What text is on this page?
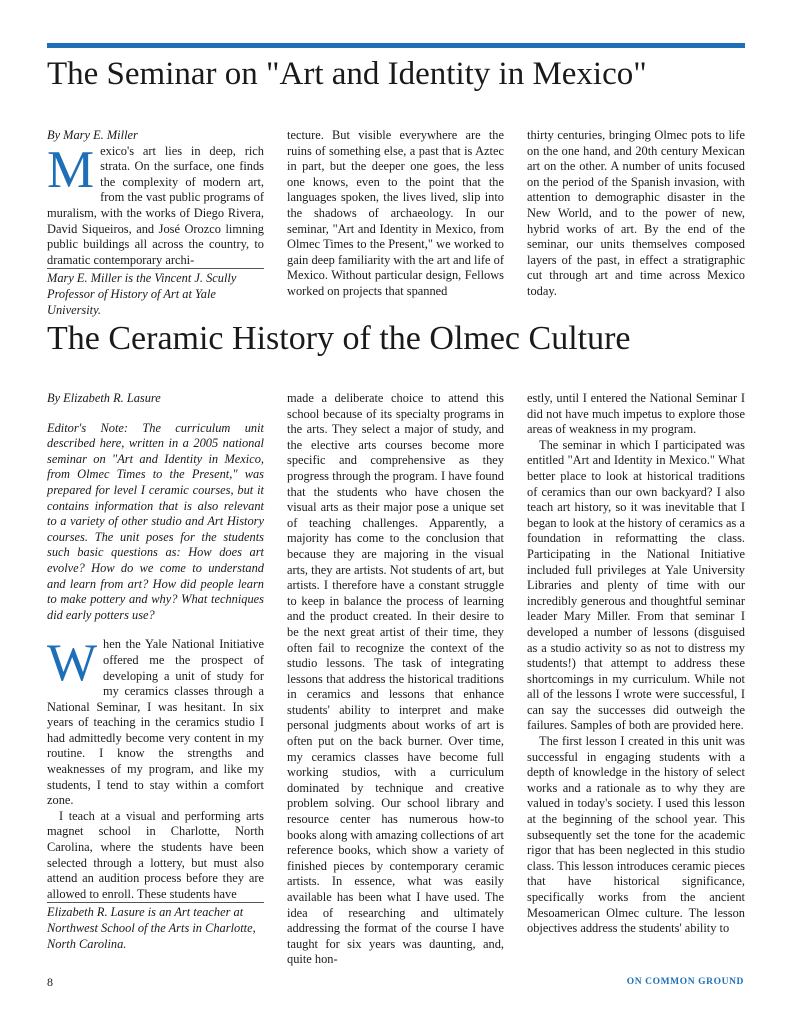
The Seminar on "Art and Identity in Mexico"

By Mary E. Miller

Mexico's art lies in deep, rich strata. On the surface, one finds the complexity of modern art, from the vast public programs of muralism, with the works of Diego Rivera, David Siqueiros, and José Orozco limning public buildings all across the country, to dramatic contemporary archi-

Mary E. Miller is the Vincent J. Scully Professor of History of Art at Yale University.

tecture. But visible everywhere are the ruins of something else, a past that is Aztec in part, but the deeper one goes, the less one knows, even to the point that the languages spoken, the lives lived, slip into the shadows of archaeology. In our seminar, "Art and Identity in Mexico, from Olmec Times to the Present," we worked to gain deep familiarity with the art and life of Mexico. Without particular design, Fellows worked on projects that spanned

thirty centuries, bringing Olmec pots to life on the one hand, and 20th century Mexican art on the other. A number of units focused on the period of the Spanish invasion, with attention to demographic disaster in the New World, and to the power of new, hybrid works of art. By the end of the seminar, our units themselves composed layers of the past, in effect a stratigraphic cut through art and time across Mexico today.

The Ceramic History of the Olmec Culture

By Elizabeth R. Lasure

Editor's Note: The curriculum unit described here, written in a 2005 national seminar on "Art and Identity in Mexico, from Olmec Times to the Present," was prepared for level I ceramic courses, but it contains information that is also relevant to a variety of other studio and Art History courses. The unit poses for the students such basic questions as: How does art evolve? How do we come to understand and learn from art? How did people learn to make pottery and why? What techniques did early potters use?

When the Yale National Initiative offered me the prospect of developing a unit of study for my ceramics classes through a National Seminar, I was hesitant. In six years of teaching in the ceramics studio I had admittedly become very content in my routine. I know the strengths and weaknesses of my program, and like my students, I tend to stay within a comfort zone.

I teach at a visual and performing arts magnet school in Charlotte, North Carolina, where the students have been selected through a lottery, but must also attend an audition process before they are allowed to enroll. These students have

Elizabeth R. Lasure is an Art teacher at Northwest School of the Arts in Charlotte, North Carolina.

made a deliberate choice to attend this school because of its specialty programs in the arts. They select a major of study, and the elective arts courses become more specific and comprehensive as they progress through the program. I have found that the students who have chosen the visual arts as their major pose a unique set of teaching challenges. Apparently, a majority has come to the conclusion that because they are majoring in the visual arts, they are artists. Not students of art, but artists. I therefore have a constant struggle to keep in balance the process of learning and the product created. In their desire to be the next great artist of their time, they often fail to recognize the context of the studio lessons. The task of integrating lessons that address the historical traditions in ceramics and lessons that enhance students' ability to interpret and make personal judgments about works of art is often put on the back burner. Over time, my ceramics classes have become full working studios, with a curriculum dominated by technique and creative problem solving. Our school library and resource center has numerous how-to books along with amazing collections of art reference books, which show a variety of finished pieces by contemporary ceramic artists. In essence, what was easily available has been what I have used. The idea of researching and ultimately addressing the format of the course I have taught for six years was daunting, and, quite hon-

estly, until I entered the National Seminar I did not have much impetus to explore those areas of weakness in my program.

The seminar in which I participated was entitled "Art and Identity in Mexico." What better place to look at historical traditions of ceramics than our own backyard? I also teach art history, so it was inevitable that I began to look at the history of ceramics as a foundation in reformatting the class. Participating in the National Initiative included full privileges at Yale University Libraries and plenty of time with our incredibly generous and thoughtful seminar leader Mary Miller. From that seminar I developed a number of lessons (disguised as a studio activity so as not to distress my students!) that attempt to address these shortcomings in my curriculum. While not all of the lessons I wrote were successful, I can say the successes did outweigh the failures. Samples of both are provided here.

The first lesson I created in this unit was successful in engaging students with a depth of knowledge in the history of select works and a rationale as to why they are valued in today's society. I used this lesson at the beginning of the school year. This subsequently set the tone for the academic rigor that has been neglected in this studio class. This lesson introduces ceramic pieces that have historical significance, specifically works from the ancient Mesoamerican Olmec culture. The lesson objectives address the students' ability to

8	ON COMMON GROUND
